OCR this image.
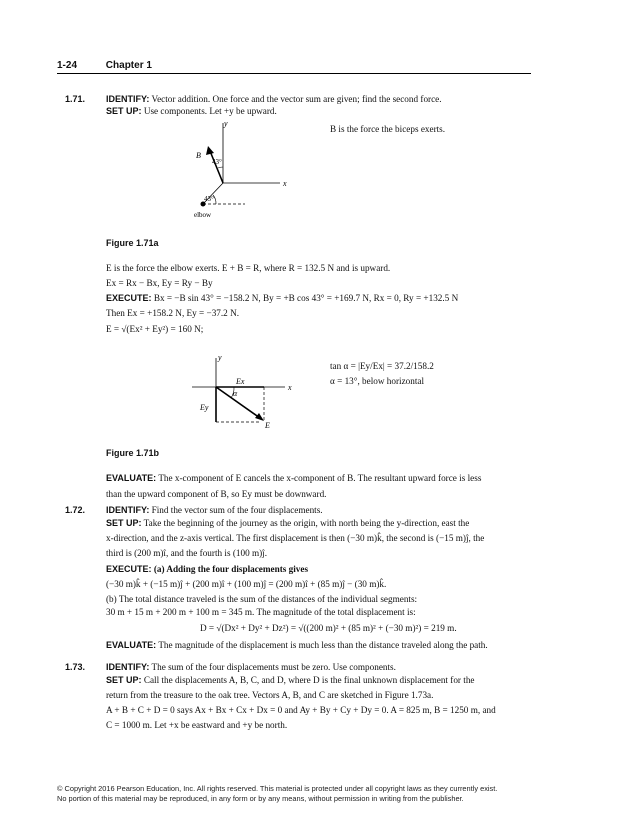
1-24	Chapter 1
1.71. IDENTIFY: Vector addition. One force and the vector sum are given; find the second force.
SET UP: Use components. Let +y be upward.
y
x
B
43°
43°
elbow
B is the force the biceps exerts.
Figure 1.71a
E is the force the elbow exerts. E + B = R, where R = 132.5 N and is upward.
Ex = Rx − Bx, Ey = Ry − By
EXECUTE: Bx = −B sin 43° = −158.2 N, By = +B cos 43° = +169.7 N, Rx = 0, Ry = +132.5 N
Then Ex = +158.2 N, Ey = −37.2 N.
E = √(Ex² + Ey²) = 160 N;
y
x
Ex
Ey
α
E
tan α = |Ey/Ex| = 37.2/158.2
α = 13°, below horizontal
Figure 1.71b
EVALUATE: The x-component of E cancels the x-component of B. The resultant upward force is less
than the upward component of B, so Ey must be downward.
1.72. IDENTIFY: Find the vector sum of the four displacements.
SET UP: Take the beginning of the journey as the origin, with north being the y-direction, east the
x-direction, and the z-axis vertical. The first displacement is then (−30 m)k̂, the second is (−15 m)ĵ, the
third is (200 m)î, and the fourth is (100 m)ĵ.
EXECUTE: (a) Adding the four displacements gives
(−30 m)k̂ + (−15 m)ĵ + (200 m)î + (100 m)ĵ = (200 m)î + (85 m)ĵ − (30 m)k̂.
(b) The total distance traveled is the sum of the distances of the individual segments:
30 m + 15 m + 200 m + 100 m = 345 m. The magnitude of the total displacement is:
D = √(Dx² + Dy² + Dz²) = √((200 m)² + (85 m)² + (−30 m)²) = 219 m.
EVALUATE: The magnitude of the displacement is much less than the distance traveled along the path.
1.73. IDENTIFY: The sum of the four displacements must be zero. Use components.
SET UP: Call the displacements A, B, C, and D, where D is the final unknown displacement for the
return from the treasure to the oak tree. Vectors A, B, and C are sketched in Figure 1.73a.
A + B + C + D = 0 says Ax + Bx + Cx + Dx = 0 and Ay + By + Cy + Dy = 0. A = 825 m, B = 1250 m, and
C = 1000 m. Let +x be eastward and +y be north.
© Copyright 2016 Pearson Education, Inc. All rights reserved. This material is protected under all copyright laws as they currently exist.
No portion of this material may be reproduced, in any form or by any means, without permission in writing from the publisher.
